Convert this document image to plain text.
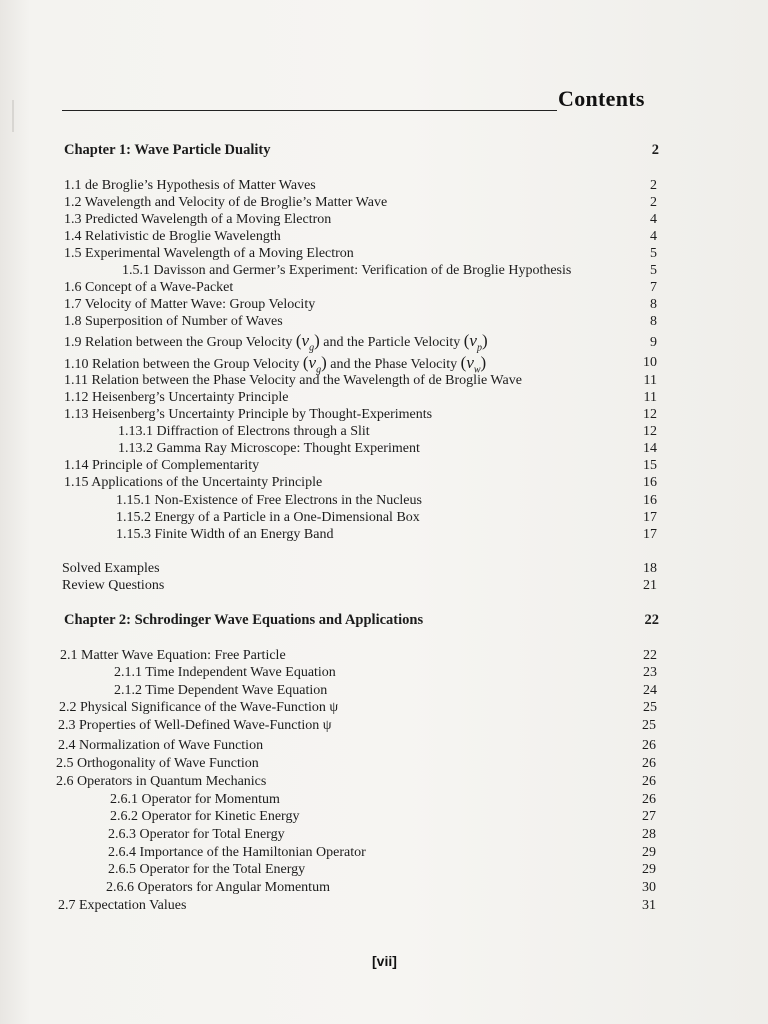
Contents
Chapter 1: Wave Particle Duality	2
1.1 de Broglie’s Hypothesis of Matter Waves	2
1.2 Wavelength and Velocity of de Broglie’s Matter Wave	2
1.3 Predicted Wavelength of a Moving Electron	4
1.4 Relativistic de Broglie Wavelength	4
1.5 Experimental Wavelength of a Moving Electron	5
1.5.1 Davisson and Germer’s Experiment: Verification of de Broglie Hypothesis	5
1.6 Concept of a Wave-Packet	7
1.7 Velocity of Matter Wave: Group Velocity	8
1.8 Superposition of Number of Waves	8
1.9 Relation between the Group Velocity $(v_g)$ and the Particle Velocity $(v_p)$	9
1.10 Relation between the Group Velocity $(v_g)$ and the Phase Velocity $(v_w)$	10
1.11 Relation between the Phase Velocity and the Wavelength of de Broglie Wave	11
1.12 Heisenberg’s Uncertainty Principle	11
1.13 Heisenberg’s Uncertainty Principle by Thought-Experiments	12
1.13.1 Diffraction of Electrons through a Slit	12
1.13.2 Gamma Ray Microscope: Thought Experiment	14
1.14 Principle of Complementarity	15
1.15 Applications of the Uncertainty Principle	16
1.15.1 Non-Existence of Free Electrons in the Nucleus	16
1.15.2 Energy of a Particle in a One-Dimensional Box	17
1.15.3 Finite Width of an Energy Band	17
Solved Examples	18
Review Questions	21
Chapter 2: Schrodinger Wave Equations and Applications	22
2.1 Matter Wave Equation: Free Particle	22
2.1.1 Time Independent Wave Equation	23
2.1.2 Time Dependent Wave Equation	24
2.2 Physical Significance of the Wave-Function ψ	25
2.3 Properties of Well-Defined Wave-Function ψ	25
2.4 Normalization of Wave Function	26
2.5 Orthogonality of Wave Function	26
2.6 Operators in Quantum Mechanics	26
2.6.1 Operator for Momentum	26
2.6.2 Operator for Kinetic Energy	27
2.6.3 Operator for Total Energy	28
2.6.4 Importance of the Hamiltonian Operator	29
2.6.5 Operator for the Total Energy	29
2.6.6 Operators for Angular Momentum	30
2.7 Expectation Values	31
[vii]
